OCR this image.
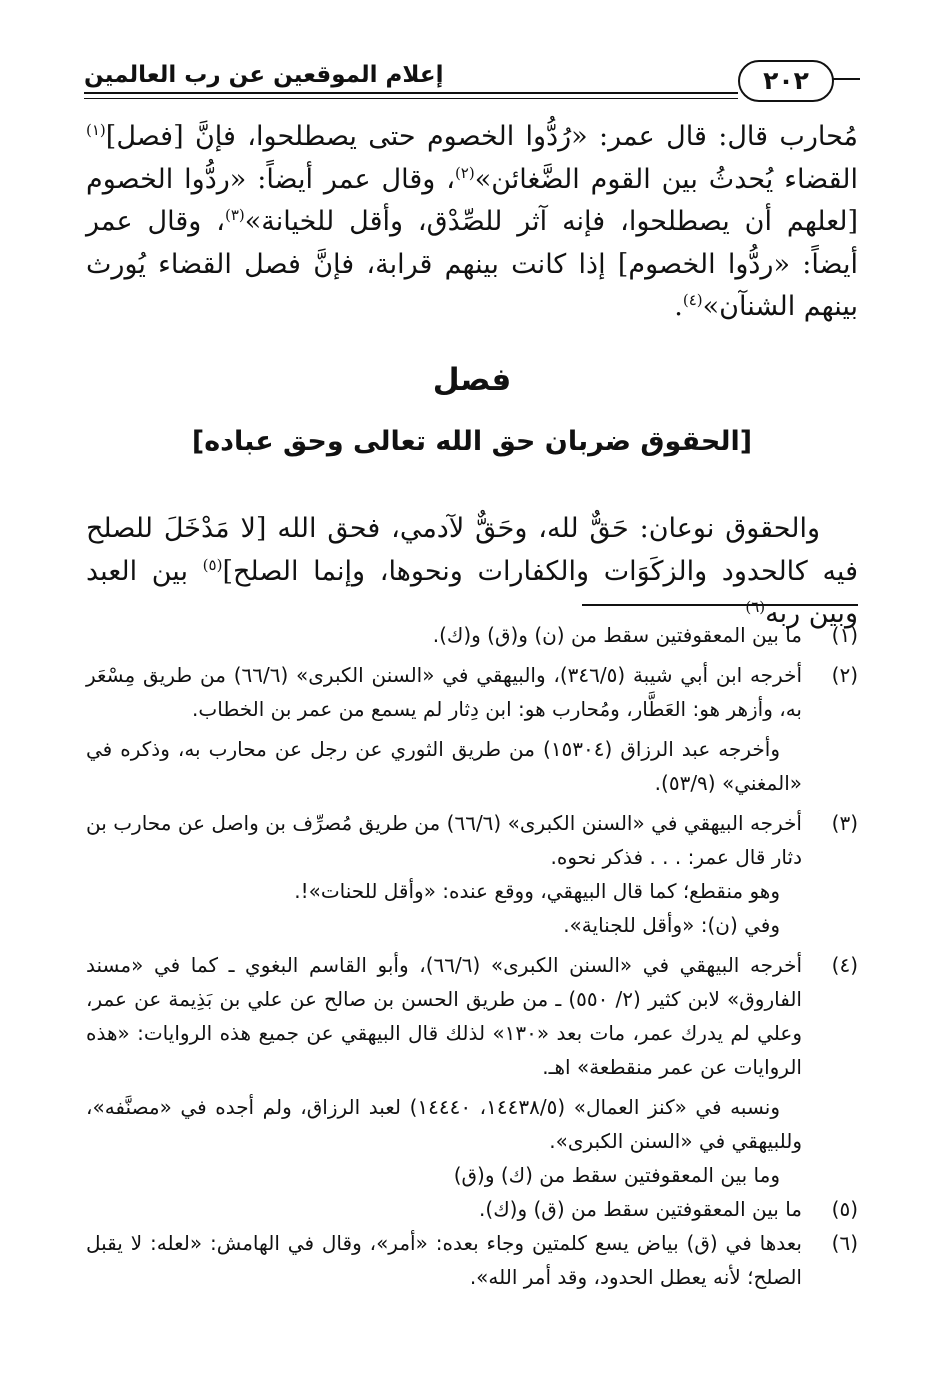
إعلام الموقعين عن رب العالمين	٢٠٢
مُحارب قال: قال عمر: «رُدُّوا الخصوم حتى يصطلحوا، فإنَّ [فصل]$^{(١)}$ القضاء يُحدثُ بين القوم الضَّغائن»$^{(٢)}$، وقال عمر أيضاً: «ردُّوا الخصوم [لعلهم أن يصطلحوا، فإنه آثر للصِّدْق، وأقل للخيانة»$^{(٣)}$، وقال عمر أيضاً: «ردُّوا الخصوم] إذا كانت بينهم قرابة، فإنَّ فصل القضاء يُورث بينهم الشنآن»$^{(٤)}$.
فصل
[الحقوق ضربان حق الله تعالى وحق عباده]
والحقوق نوعان: حَقٌّ لله، وحَقٌّ لآدمي، فحق الله [لا مَدْخَلَ للصلح فيه كالحدود والزكَوَات والكفارات ونحوها، وإنما الصلح]$^{(٥)}$ بين العبد وبين ربه$^{(٦)}$
(١)
ما بين المعقوفتين سقط من (ن) و(ق) و(ك).
(٢)
أخرجه ابن أبي شيبة (٣٤٦/٥)، والبيهقي في «السنن الكبرى» (٦٦/٦) من طريق مِسْعَر به، وأزهر هو: العَطَّار، ومُحارب هو: ابن دِثار لم يسمع من عمر بن الخطاب.
وأخرجه عبد الرزاق (١٥٣٠٤) من طريق الثوري عن رجل عن محارب به، وذكره في «المغني» (٥٣/٩).
(٣)
أخرجه البيهقي في «السنن الكبرى» (٦٦/٦) من طريق مُصرِّف بن واصل عن محارب بن دثار قال عمر: . . . فذكر نحوه.
وهو منقطع؛ كما قال البيهقي، ووقع عنده: «وأقل للحنات»!.
وفي (ن): «وأقل للجناية».
(٤)
أخرجه البيهقي في «السنن الكبرى» (٦٦/٦)، وأبو القاسم البغوي ـ كما في «مسند الفاروق» لابن كثير (٢/ ٥٥٠) ـ من طريق الحسن بن صالح عن علي بن بَذِيمة عن عمر، وعلي لم يدرك عمر، مات بعد «١٣٠» لذلك قال البيهقي عن جميع هذه الروايات: «هذه الروايات عن عمر منقطعة» اهـ.
ونسبه في «كنز العمال» (١٤٤٣٨/٥، ١٤٤٤٠) لعبد الرزاق، ولم أجده في «مصنَّفه»، وللبيهقي في «السنن الكبرى».
وما بين المعقوفتين سقط من (ك) و(ق)
(٥)
ما بين المعقوفتين سقط من (ق) و(ك).
(٦)
بعدها في (ق) بياض يسع كلمتين وجاء بعده: «أمر»، وقال في الهامش: «لعله: لا يقبل الصلح؛ لأنه يعطل الحدود، وقد أمر الله».
